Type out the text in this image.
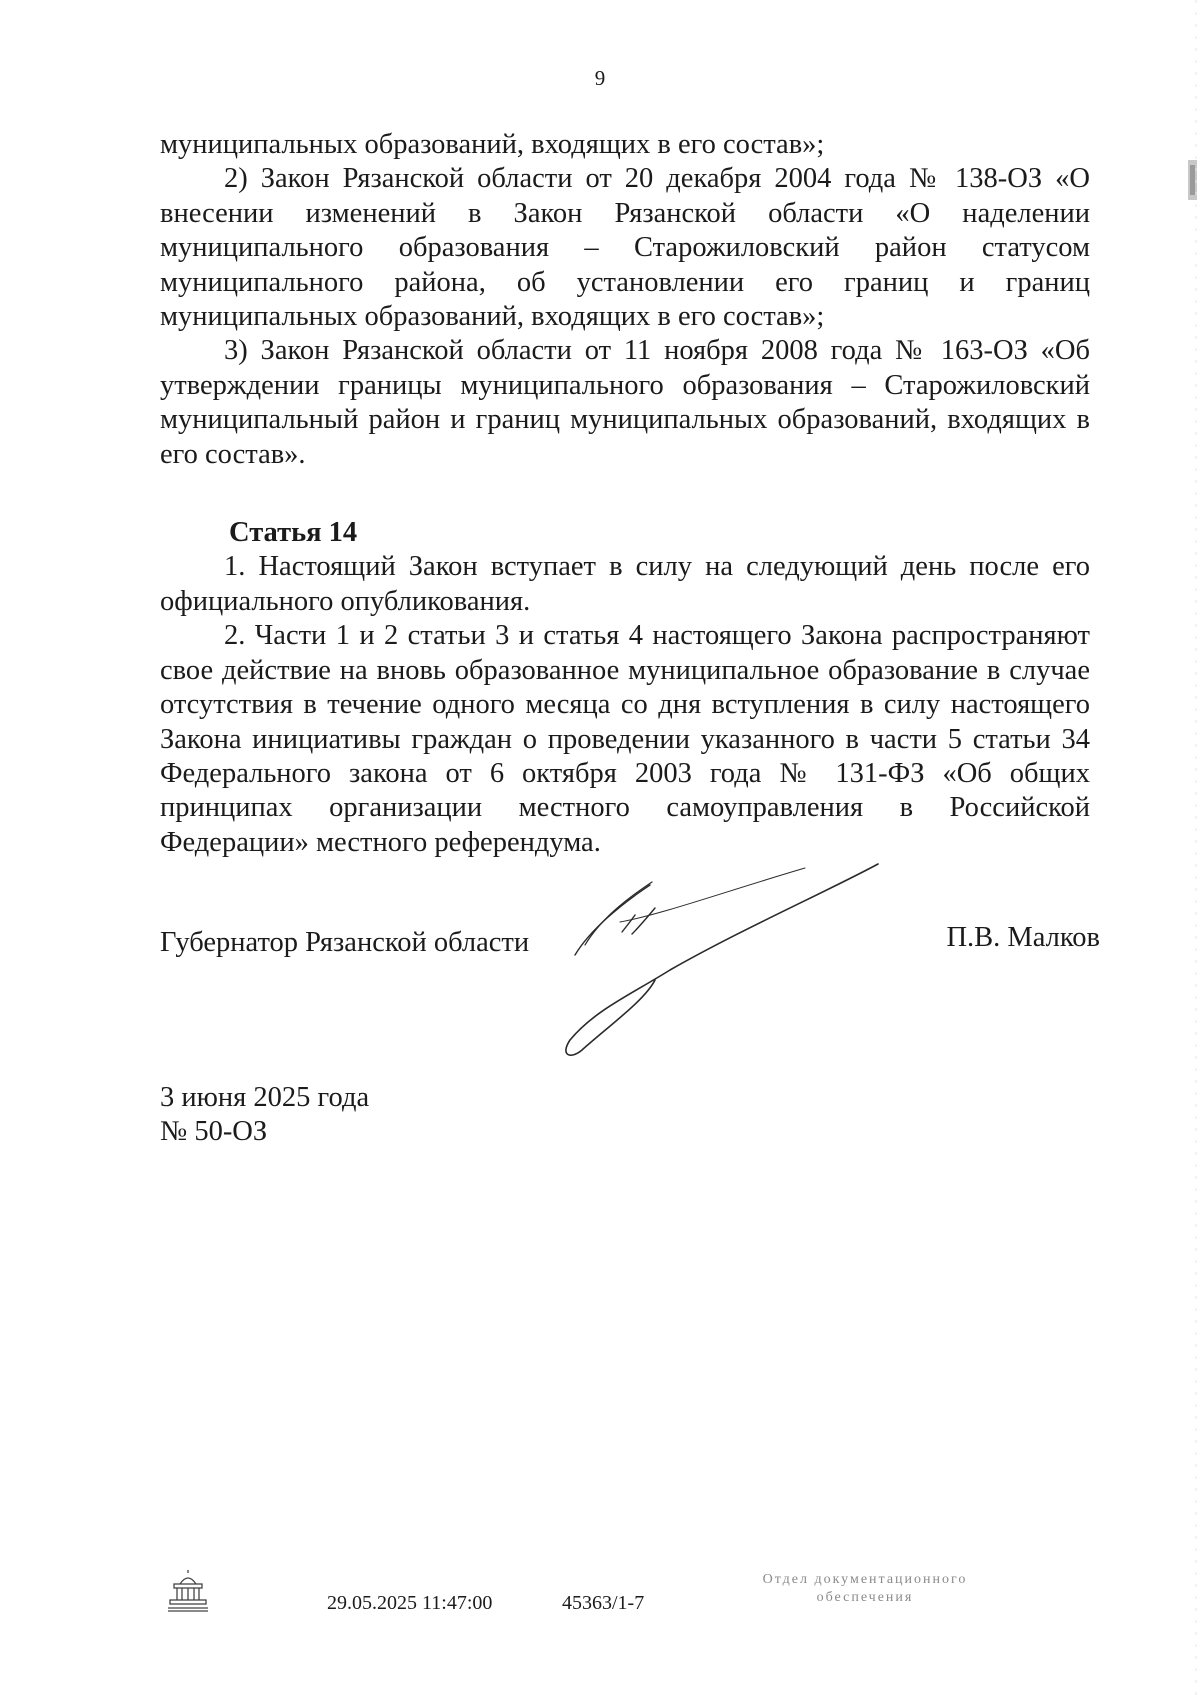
9

муниципальных образований, входящих в его состав»;

2) Закон Рязанской области от 20 декабря 2004 года № 138-ОЗ «О внесении изменений в Закон Рязанской области «О наделении муниципального образования – Старожиловский район статусом муниципального района, об установлении его границ и границ муниципальных образований, входящих в его состав»;

3) Закон Рязанской области от 11 ноября 2008 года № 163-ОЗ «Об утверждении границы муниципального образования – Старожиловский муниципальный район и границ муниципальных образований, входящих в его состав».

Статья 14

1. Настоящий Закон вступает в силу на следующий день после его официального опубликования.

2. Части 1 и 2 статьи 3 и статья 4 настоящего Закона распространяют свое действие на вновь образованное муниципальное образование в случае отсутствия в течение одного месяца со дня вступления в силу настоящего Закона инициативы граждан о проведении указанного в части 5 статьи 34 Федерального закона от 6 октября 2003 года № 131-ФЗ «Об общих принципах организации местного самоуправления в Российской Федерации» местного референдума.

Губернатор Рязанской области	П.В. Малков
3 июня 2025 года
№ 50-ОЗ
29.05.2025 11:47:00	45363/1-7
Отдел документационного
обеспечения
